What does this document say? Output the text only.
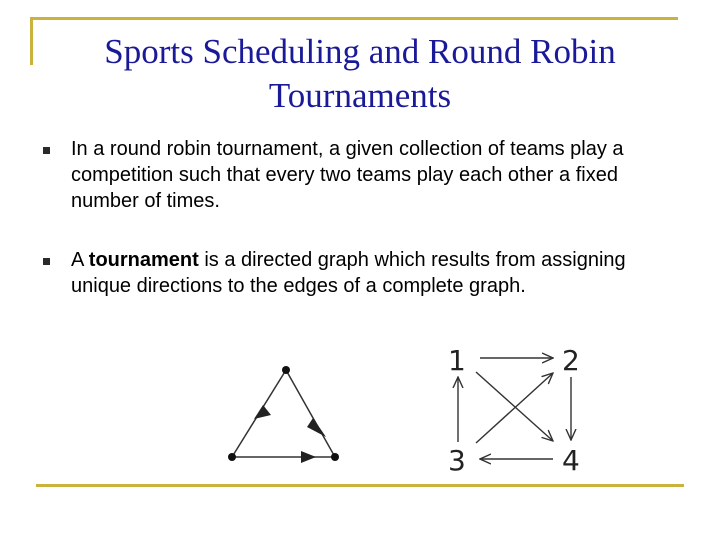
Sports Scheduling and Round Robin
Tournaments
In a round robin tournament, a given collection of teams play a competition such that every two teams play each other a fixed number of times.
A tournament is a directed graph which results from assigning unique directions to the edges of a complete graph.
1	2
3	4
